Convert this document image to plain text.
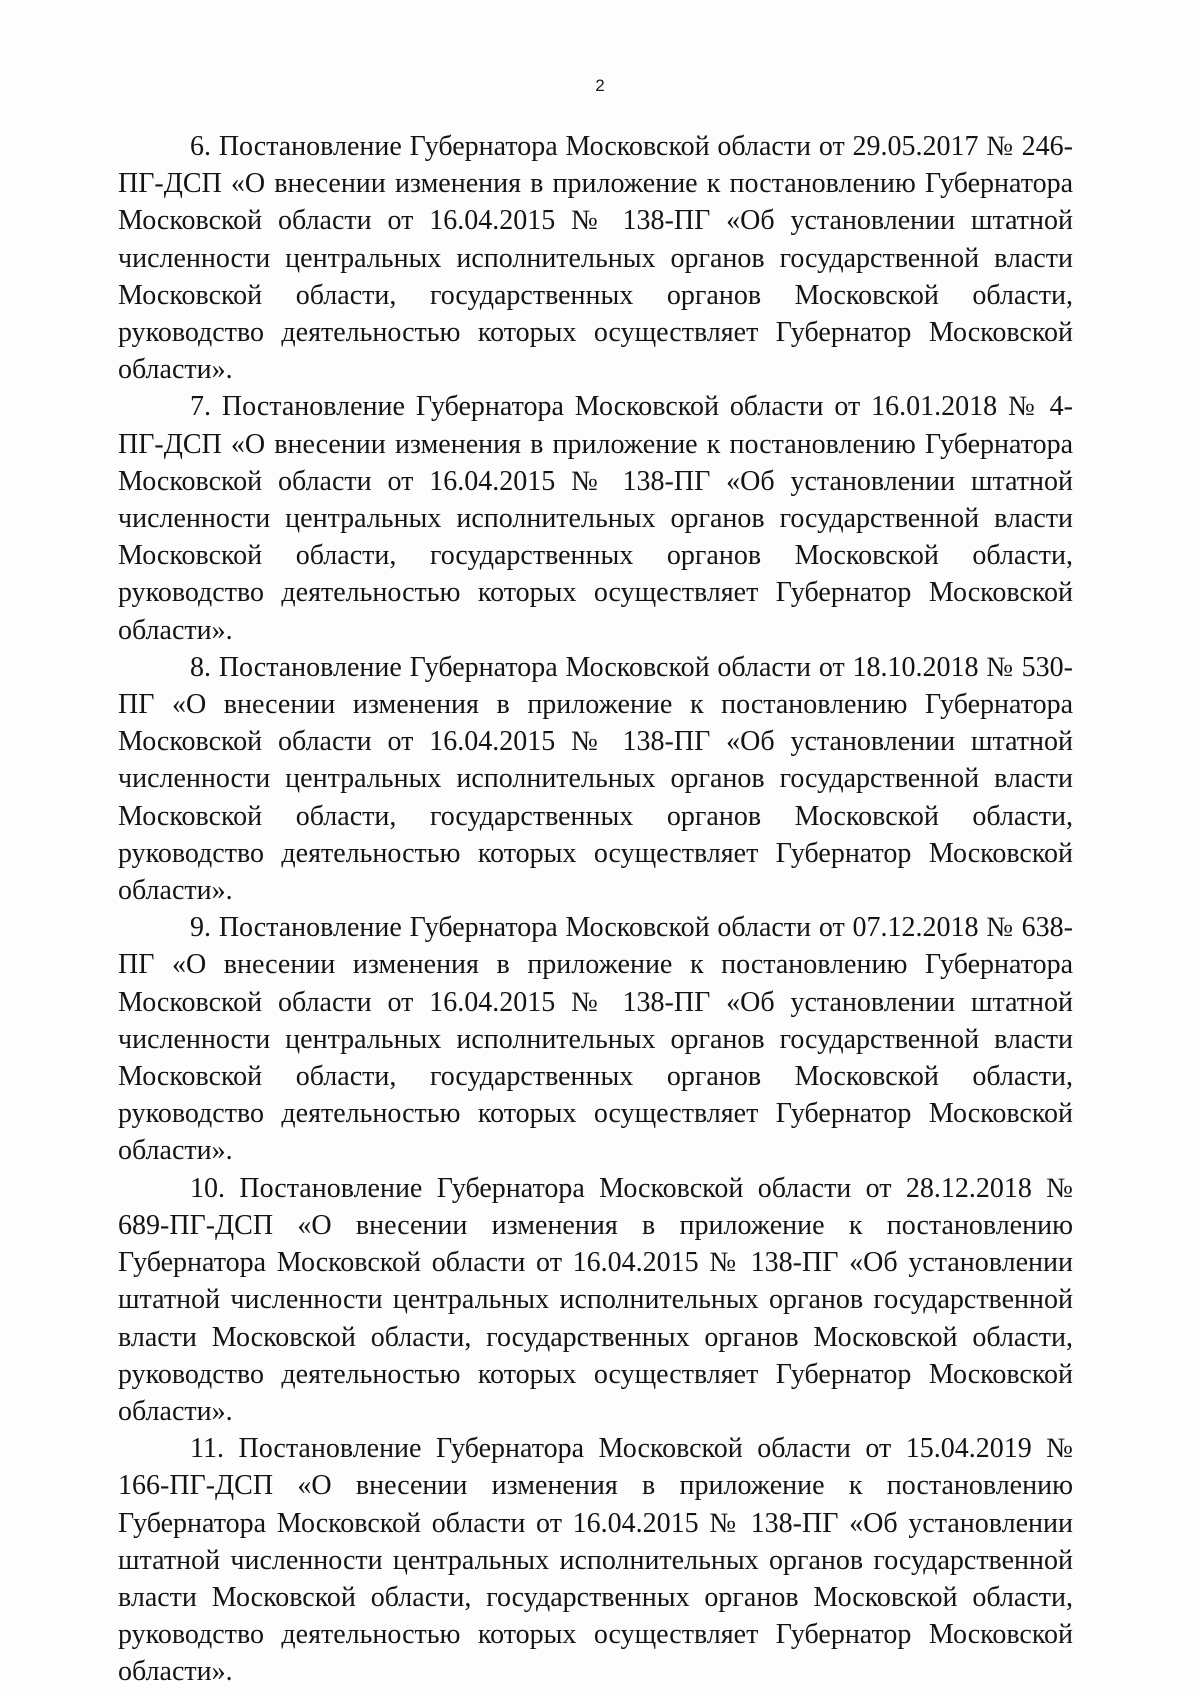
2

6. Постановление Губернатора Московской области от 29.05.2017 № 246-ПГ-ДСП «О внесении изменения в приложение к постановлению Губернатора Московской области от 16.04.2015 № 138-ПГ «Об установлении штатной численности центральных исполнительных органов государственной власти Московской области, государственных органов Московской области, руководство деятельностью которых осуществляет Губернатор Московской области».

7. Постановление Губернатора Московской области от 16.01.2018 № 4-ПГ-ДСП «О внесении изменения в приложение к постановлению Губернатора Московской области от 16.04.2015 № 138-ПГ «Об установлении штатной численности центральных исполнительных органов государственной власти Московской области, государственных органов Московской области, руководство деятельностью которых осуществляет Губернатор Московской области».

8. Постановление Губернатора Московской области от 18.10.2018 № 530-ПГ «О внесении изменения в приложение к постановлению Губернатора Московской области от 16.04.2015 № 138-ПГ «Об установлении штатной численности центральных исполнительных органов государственной власти Московской области, государственных органов Московской области, руководство деятельностью которых осуществляет Губернатор Московской области».

9. Постановление Губернатора Московской области от 07.12.2018 № 638-ПГ «О внесении изменения в приложение к постановлению Губернатора Московской области от 16.04.2015 № 138-ПГ «Об установлении штатной численности центральных исполнительных органов государственной власти Московской области, государственных органов Московской области, руководство деятельностью которых осуществляет Губернатор Московской области».

10. Постановление Губернатора Московской области от 28.12.2018 № 689-ПГ-ДСП «О внесении изменения в приложение к постановлению Губернатора Московской области от 16.04.2015 № 138-ПГ «Об установлении штатной численности центральных исполнительных органов государственной власти Московской области, государственных органов Московской области, руководство деятельностью которых осуществляет Губернатор Московской области».

11. Постановление Губернатора Московской области от 15.04.2019 № 166-ПГ-ДСП «О внесении изменения в приложение к постановлению Губернатора Московской области от 16.04.2015 № 138-ПГ «Об установлении штатной численности центральных исполнительных органов государственной власти Московской области, государственных органов Московской области, руководство деятельностью которых осуществляет Губернатор Московской области».
